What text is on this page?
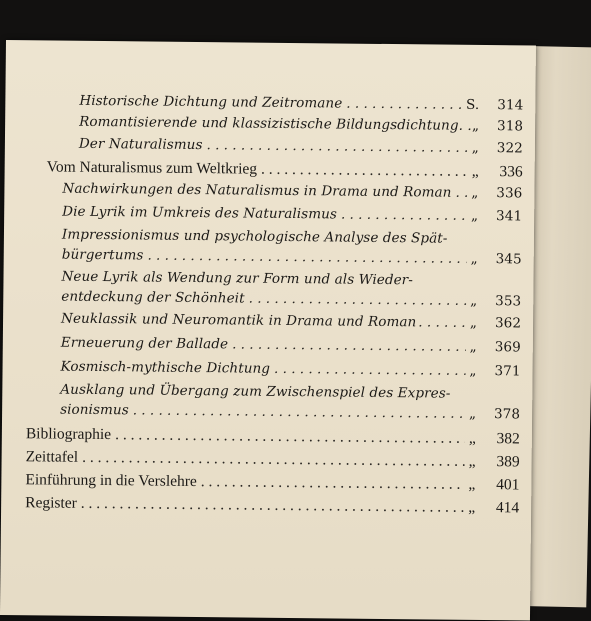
Historische Dichtung und Zeitromane . . .	S. 314
Romantisierende und klassizistische Bildungsdichtung. . . . . „ 318
Der Naturalismus . . .	„ 322
Vom Naturalismus zum Weltkrieg . . .	„	336
Nachwirkungen des Naturalismus in Drama und Roman . . . „ 336
Die Lyrik im Umkreis des Naturalismus . . .	„ 341
Impressionismus und psychologische Analyse des Spät-
bürgertums . . .	„ 345
Neue Lyrik als Wendung zur Form und als Wieder-
entdeckung der Schönheit . . .	„ 353
Neuklassik und Neuromantik in Drama und Roman . . .	„ 362
Erneuerung der Ballade . . .	„ 369
Kosmisch-mythische Dichtung . . .	„ 371
Ausklang und Übergang zum Zwischenspiel des Expres-
sionismus . . .	„ 378
Bibliographie . . .	„	382
Zeittafel . . .	„	389
Einführung in die Verslehre . . .	„	401
Register . . .	„	414
